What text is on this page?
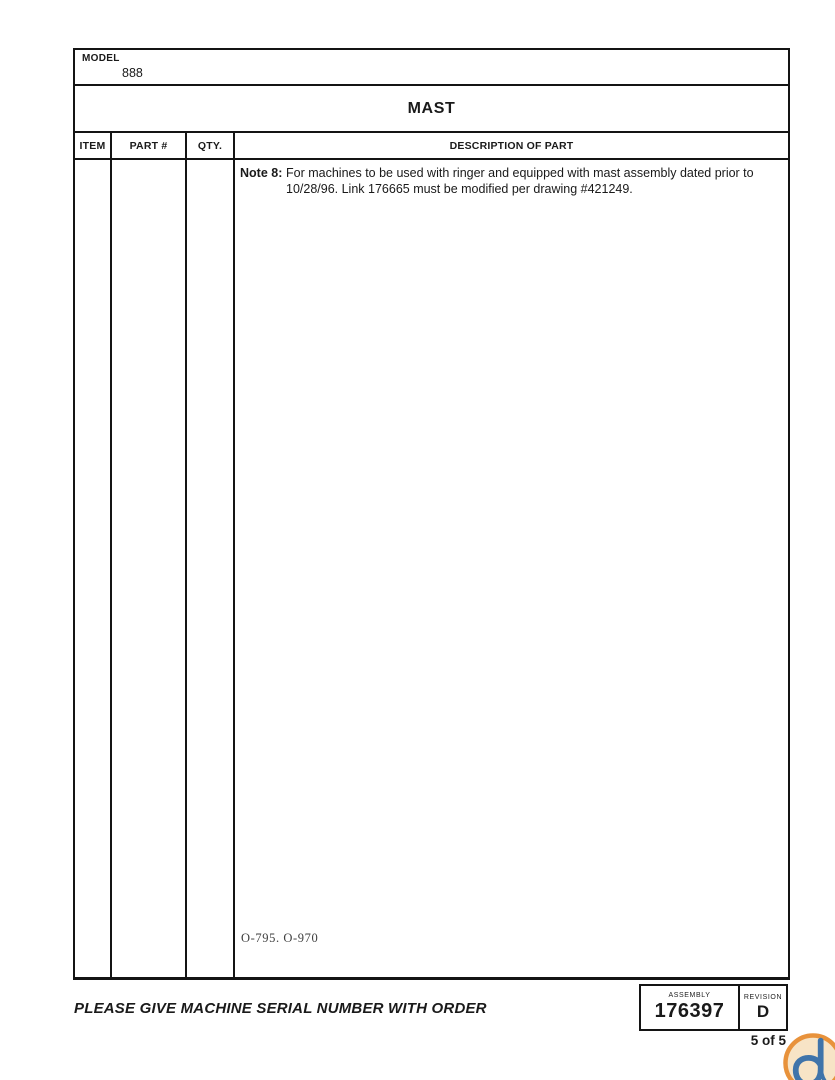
MODEL
888
MAST
ITEM	PART #	QTY.	DESCRIPTION OF PART
Note 8: For machines to be used with ringer and equipped with mast assembly dated prior to 10/28/96. Link 176665 must be modified per drawing #421249.
O-795. O-970
PLEASE GIVE MACHINE SERIAL NUMBER WITH ORDER
ASSEMBLY
176397
REVISION
D
5 of 5
